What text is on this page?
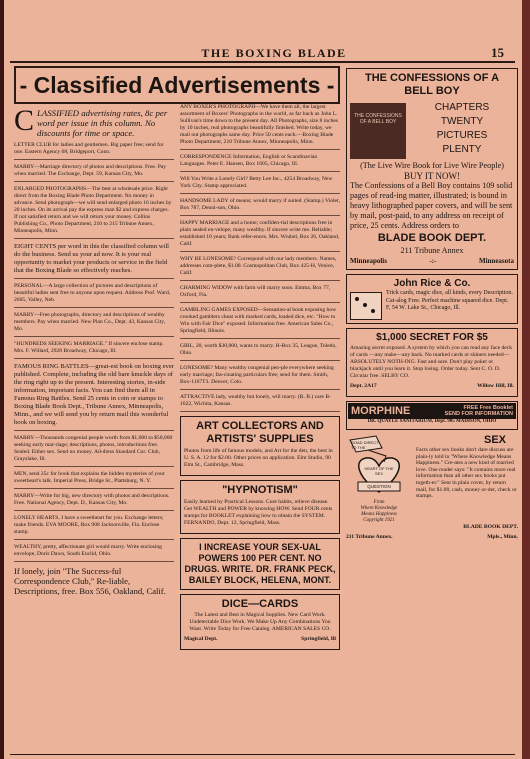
THE BOXING BLADE	15
- Classified Advertisements -
CLASSIFIED advertising rates, 8c per word per issue in this column. No discounts for time or space.
LETTER CLUB for ladies and gentlemen. Big paper free; send for one. Eastern Agency 68, Bridgeport, Conn.
MARRY—Marriage directory of photos and descriptions. Free. Pay when married. The Exchange, Dept. 59, Kansas City, Mo.
ENLARGED PHOTOGRAPHS—The best at wholesale price. Right direct from the Boxing Blade Photo Department. No money in advance. Send photograph—we will send enlarged photo 16 inches by 20 inches. On its arrival pay the express man $2 and express charges. If not satisfied return and we will return your money. Collins Publishing Co., Photo Department, 210 to 215 Tribune Annex, Minneapolis, Minn.
EIGHT CENTS per word in this the classified column will do the business. Send us your ad now. It is your real opportunity to market your products or service in the field that the Boxing Blade so effectively reaches.
PERSONAL—A large collection of pictures and descriptions of beautiful ladies sent free to anyone upon request. Address Prof. Ward, 2605, Valley, Neb.
MARRY—Free photographs, directory and descriptions of wealthy members. Pay when married. New Plan Co., Dept. 43, Kansas City, Mo.
"HUNDREDS SEEKING MARRIAGE." If sincere enclose stamp. Mrs. F. Willard, 2928 Broadway, Chicago, Ill.
FAMOUS RING BATTLES—great-est book on boxing ever published. Complete, including the old bare knuckle days of the ring right up to the present. Interesting stories, in-side information, important facts. You can find them all in Famous Ring Battles. Send 25 cents in coin or stamps to Boxing Blade Book Dept., Tribune Annex, Minneapolis, Minn., and we will send you by return mail this wonderful book on boxing.
MARRY—Thousands congenial people worth from $1,000 to $50,000 seeking early mar-riage; descriptions, photos, introductions free. Sealed. Either sex. Send no money. Ad-dress Standard Cor. Club, Grayslake, Ill.
MEN, send 25c for book that explains the hidden mysteries of your sweetheart's talk. Imperial Press, Bridge St., Plattsburg, N. Y.
MARRY—Write for big, new directory with photos and descriptions. Free. National Agency, Dept. D., Kansas City, Mo.
LONELY HEARTS, I have a sweetheart for you. Exchange letters; make friends. EVA MOORE, Box 908 Jacksonville, Fla. Enclose stamp.
WEALTHY, pretty, affectionate girl would marry. Write enclosing envelope, Doris Dawn, South Euclid, Ohio.
If lonely, join "The Success-ful Correspondence Club," Re-liable, Descriptions, free. Box 556, Oakland, Calif.
ANY BOXER'S PHOTOGRAPH—We have them all, the largest assortment of Boxers' Photographs in the world, as far back as John L. Sullivan's time down to the present day. All Photographs, size 8 inches by 10 inches, real photographs beautifully finished. Write today, we mail out photographs same day. Price 50 cents each.—Boxing Blade Photo Department, 210 Tribune Annex, Minneapolis, Minn.
CORRESPONDENCE Information, English or Scandinavian Languages. Peter E. Hansen, Box 1605, Chicago, Ill.
Will You Write a Lonely Girl? Betty Lee Inc., 4254 Broadway, New York City. Stamp appreciated.
HANDSOME LADY of means; would marry if suited. (Stamp.) Violet, Box 787, Denni-son, Ohio.
HAPPY MARRIAGE and a home; confiden-tial descriptions free in plain sealed en-velope; many wealthy. If sincere write me. Reliable; established 10 years; Bank refer-ences. Mrs. Wrubel, Box 26, Oakland, Calif.
WHY BE LONESOME? Correspond with our lady members. Names, addresses com-plete, $1.00. Cosmopolitan Club, Box 425-H, Venice, Calif.
CHARMING WIDOW with farm will marry soon. Emma, Box 77, Oxford, Fla.
GAMBLING GAMES EXPOSED—Sensation-al book exposing how crooked gamblers cheat with marked cards, loaded dice, etc. "How to Win with Fair Dice" exposed. Information free. American Sales Co., Springfield, Illinois.
GIRL, 20, worth $30,000, wants to marry. H-Box 35, League, Toledo, Ohio.
LONESOME? Many wealthy congenial peo-ple everywhere seeking early marriage; fas-cinating particulars free; send for them. Smith, Box-1167T3. Denver, Colo.
ATTRACTIVE lady, wealthy but lonely, will marry. (R. B.) care B-1022, Wichita, Kansas.
ART COLLECTORS AND ARTISTS' SUPPLIES
Photos from life of famous models, and Art for the den, the best in U. S. A. 12 for $2.00. Other prices on application. Elm Studio, 90 Elm St., Cambridge, Mass.
"HYPNOTISM"
Easily learned by Practical Lessons. Cure habits, relieve disease. Get WEALTH and POWER by knowing HOW. Send FOUR cents stamps for BOOKLET explaining how to obtain the SYSTEM. FERNANDO, Dept. 12, Springfield, Mass.
I INCREASE YOUR SEX-UAL POWERS 100 PER CENT. NO DRUGS. WRITE. DR. FRANK PECK, BAILEY BLOCK, HELENA, MONT.
DICE—CARDS
The Latest and Best in Magical Supplies. New Card Work. Undetectable Dice Work. We Make Up Any Combinations You Want. Write Today for Free Catalog. AMERICAN SALES CO.
Magical Dept.	Springfield, Ill
THE CONFESSIONS OF A BELL BOY
THE CONFESSIONS OF A BELL BOY
CHAPTERS
TWENTY
PICTURES
PLENTY
(The Live Wire Book for Live Wire People)
BUY IT NOW!
The Confessions of a Bell Boy contains 109 solid pages of read-ing matter, illustrated; is bound in heavy lithographed paper covers, and will be sent by mail, post-paid, to any address on receipt of price, 25 cents. Address orders to
BLADE BOOK DEPT.
211 Tribune Annex
Minneapolis	-:-	Minneasota
John Rice & Co.
Trick cards, magic dice, all kinds, every Description. Cat-alog Free. Perfect machine squared dice. Dept. F, 54 W. Lake St., Chicago, Ill.
$1,000 SECRET FOR $5
Amazing secret exposed. A system by which you can read any face deck of cards —any make—any back. No marked cards or shiners needed—ABSOLUTELY NOTH-ING. Fast and sure. Don't play poker or blackjack until you learn it. Stop losing. Order today. Sent C. O. D. Circular free. SELBY CO.
Dept. 2A17	Willow Hill, Ill.
MORPHINE	FREE Free Booklet
SEND FOR INFORMATION
DR. QUAYLE SANITARIUM, Dept. 905 MADISON, OHIO
ROAD DIRECT TO THE
HEART OF THE SEX
QUESTION
SEX
Facts other sex books don't dare discuss are plain-ly told in "Where Knowledge Means Happiness." Cre-ates a new kind of married love. One reader says: "It contains more real information than all other sex books put togeth-er." Sent in plain cover, by return mail, for $1.00, cash, money or-der, check or stamps.
From
Where Knowledge
Means Happiness
Copyright 1921
BLADE BOOK DEPT.
211 Tribune Annex.	Mpls., Minn.
